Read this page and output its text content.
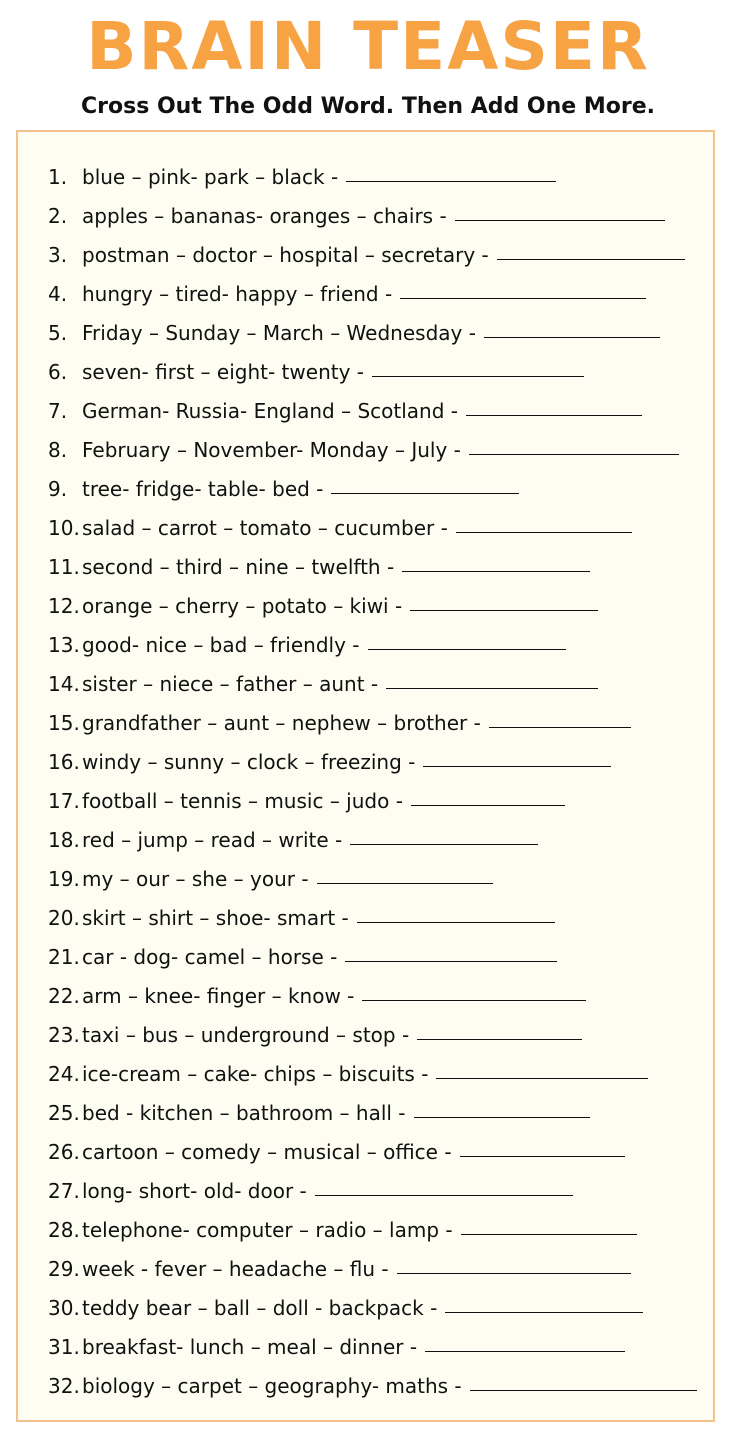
BRAIN TEASER
Cross Out The Odd Word. Then Add One More.
1. blue – pink- park – black -
2. apples – bananas- oranges – chairs -
3. postman – doctor – hospital – secretary -
4. hungry – tired- happy – friend -
5. Friday – Sunday – March – Wednesday -
6. seven- first – eight- twenty -
7. German- Russia- England – Scotland -
8. February – November- Monday – July -
9. tree- fridge- table- bed -
10. salad – carrot – tomato – cucumber -
11. second – third – nine – twelfth -
12. orange – cherry – potato – kiwi -
13. good- nice – bad – friendly -
14. sister – niece – father – aunt -
15. grandfather – aunt – nephew – brother -
16. windy – sunny – clock – freezing -
17. football – tennis – music – judo -
18. red – jump – read – write -
19. my – our – she – your -
20. skirt – shirt – shoe- smart -
21. car - dog- camel – horse -
22. arm – knee- finger – know -
23. taxi – bus – underground – stop -
24. ice-cream – cake- chips – biscuits -
25. bed - kitchen – bathroom – hall -
26. cartoon – comedy – musical – office -
27. long- short- old- door -
28. telephone- computer – radio – lamp -
29. week - fever – headache – flu -
30. teddy bear – ball – doll - backpack -
31. breakfast- lunch – meal – dinner -
32. biology – carpet – geography- maths -
